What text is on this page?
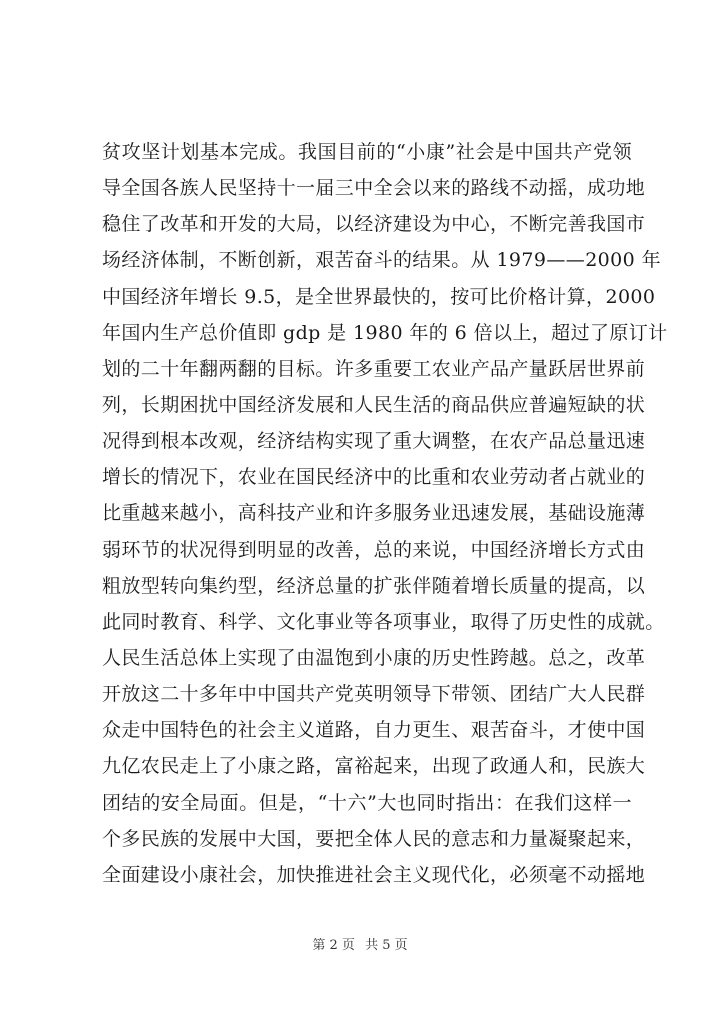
贫攻坚计划基本完成。我国目前的“小康”社会是中国共产党领
导全国各族人民坚持十一届三中全会以来的路线不动摇，成功地
稳住了改革和开发的大局，以经济建设为中心，不断完善我国市
场经济体制，不断创新，艰苦奋斗的结果。从 1979——2000 年
中国经济年增长 9.5，是全世界最快的，按可比价格计算，2000
年国内生产总价值即 gdp 是 1980 年的 6 倍以上，超过了原订计
划的二十年翻两翻的目标。许多重要工农业产品产量跃居世界前
列，长期困扰中国经济发展和人民生活的商品供应普遍短缺的状
况得到根本改观，经济结构实现了重大调整，在农产品总量迅速
增长的情况下，农业在国民经济中的比重和农业劳动者占就业的
比重越来越小，高科技产业和许多服务业迅速发展，基础设施薄
弱环节的状况得到明显的改善，总的来说，中国经济增长方式由
粗放型转向集约型，经济总量的扩张伴随着增长质量的提高，以
此同时教育、科学、文化事业等各项事业，取得了历史性的成就。
人民生活总体上实现了由温饱到小康的历史性跨越。总之，改革
开放这二十多年中中国共产党英明领导下带领、团结广大人民群
众走中国特色的社会主义道路，自力更生、艰苦奋斗，才使中国
九亿农民走上了小康之路，富裕起来，出现了政通人和，民族大
团结的安全局面。但是，“十六”大也同时指出：在我们这样一
个多民族的发展中大国，要把全体人民的意志和力量凝聚起来，
全面建设小康社会，加快推进社会主义现代化，必须毫不动摇地
第 2 页 共 5 页
